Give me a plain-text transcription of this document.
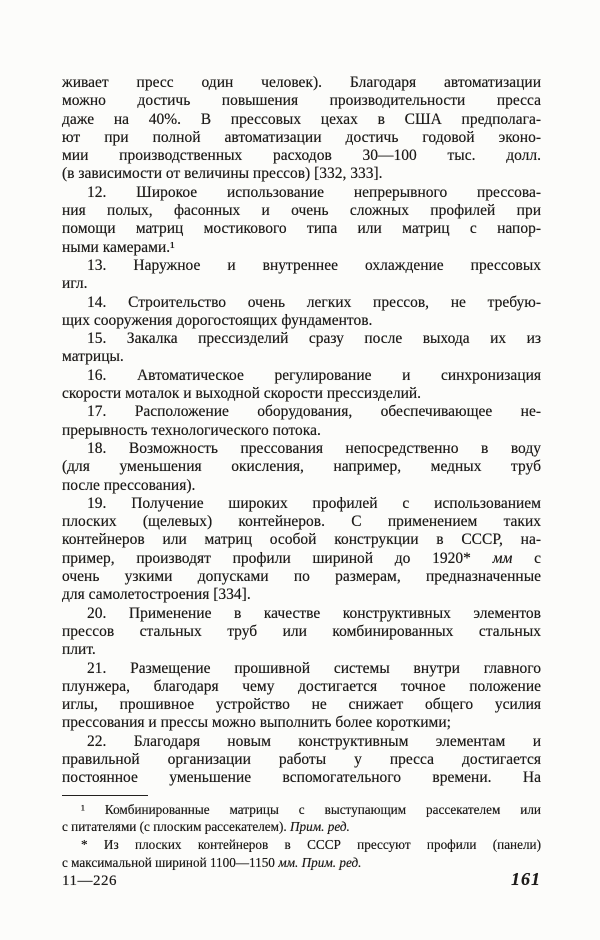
живает пресс один человек). Благодаря автоматизации
можно достичь повышения производительности пресса
даже на 40%. В прессовых цехах в США предполага-
ют при полной автоматизации достичь годовой эконо-
мии производственных расходов 30—100 тыс. долл.
(в зависимости от величины прессов) [332, 333].
12. Широкое использование непрерывного прессова-
ния полых, фасонных и очень сложных профилей при
помощи матриц мостикового типа или матриц с напор-
ными камерами.¹
13. Наружное и внутреннее охлаждение прессовых
игл.
14. Строительство очень легких прессов, не требую-
щих сооружения дорогостоящих фундаментов.
15. Закалка прессизделий сразу после выхода их из
матрицы.
16. Автоматическое регулирование и синхронизация
скорости моталок и выходной скорости прессизделий.
17. Расположение оборудования, обеспечивающее не-
прерывность технологического потока.
18. Возможность прессования непосредственно в воду
(для уменьшения окисления, например, медных труб
после прессования).
19. Получение широких профилей с использованием
плоских (щелевых) контейнеров. С применением таких
контейнеров или матриц особой конструкции в СССР, на-
пример, производят профили шириной до 1920* мм с
очень узкими допусками по размерам, предназначенные
для самолетостроения [334].
20. Применение в качестве конструктивных элементов
прессов стальных труб или комбинированных стальных
плит.
21. Размещение прошивной системы внутри главного
плунжера, благодаря чему достигается точное положение
иглы, прошивное устройство не снижает общего усилия
прессования и прессы можно выполнить более короткими;
22. Благодаря новым конструктивным элементам и
правильной организации работы у пресса достигается
постоянное уменьшение вспомогательного времени. На
¹ Комбинированные матрицы с выступающим рассекателем или
с питателями (с плоским рассекателем). Прим. ред.
* Из плоских контейнеров в СССР прессуют профили (панели)
с максимальной шириной 1100—1150 мм. Прим. ред.
11—226	161
